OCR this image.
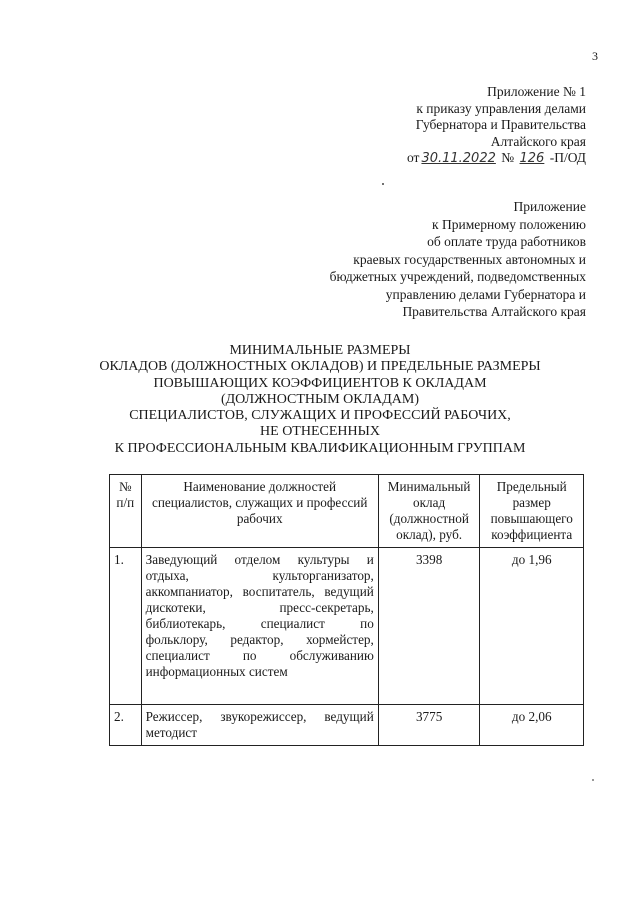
3
Приложение № 1
к приказу управления делами
Губернатора и Правительства
Алтайского края
от 30.11.2022 № 126 -П/ОД
Приложение
к Примерному положению
об оплате труда работников
краевых государственных автономных и
бюджетных учреждений, подведомственных
управлению делами Губернатора и
Правительства Алтайского края
МИНИМАЛЬНЫЕ РАЗМЕРЫ
ОКЛАДОВ (ДОЛЖНОСТНЫХ ОКЛАДОВ) И ПРЕДЕЛЬНЫЕ РАЗМЕРЫ
ПОВЫШАЮЩИХ КОЭФФИЦИЕНТОВ К ОКЛАДАМ
(ДОЛЖНОСТНЫМ ОКЛАДАМ)
СПЕЦИАЛИСТОВ, СЛУЖАЩИХ И ПРОФЕССИЙ РАБОЧИХ,
НЕ ОТНЕСЕННЫХ
К ПРОФЕССИОНАЛЬНЫМ КВАЛИФИКАЦИОННЫМ ГРУППАМ
№ п/п	Наименование должностей специалистов, служащих и профессий рабочих	Минимальный оклад (должностной оклад), руб.	Предельный размер повышающего коэффициента
1.	Заведующий отделом культуры и отдыха, культорганизатор, аккомпаниатор, воспитатель, ведущий дискотеки, пресс-секретарь, библиотекарь, специалист по фольклору, редактор, хормейстер, специалист по обслуживанию информационных систем	3398	до 1,96
2.	Режиссер, звукорежиссер, ведущий методист	3775	до 2,06
